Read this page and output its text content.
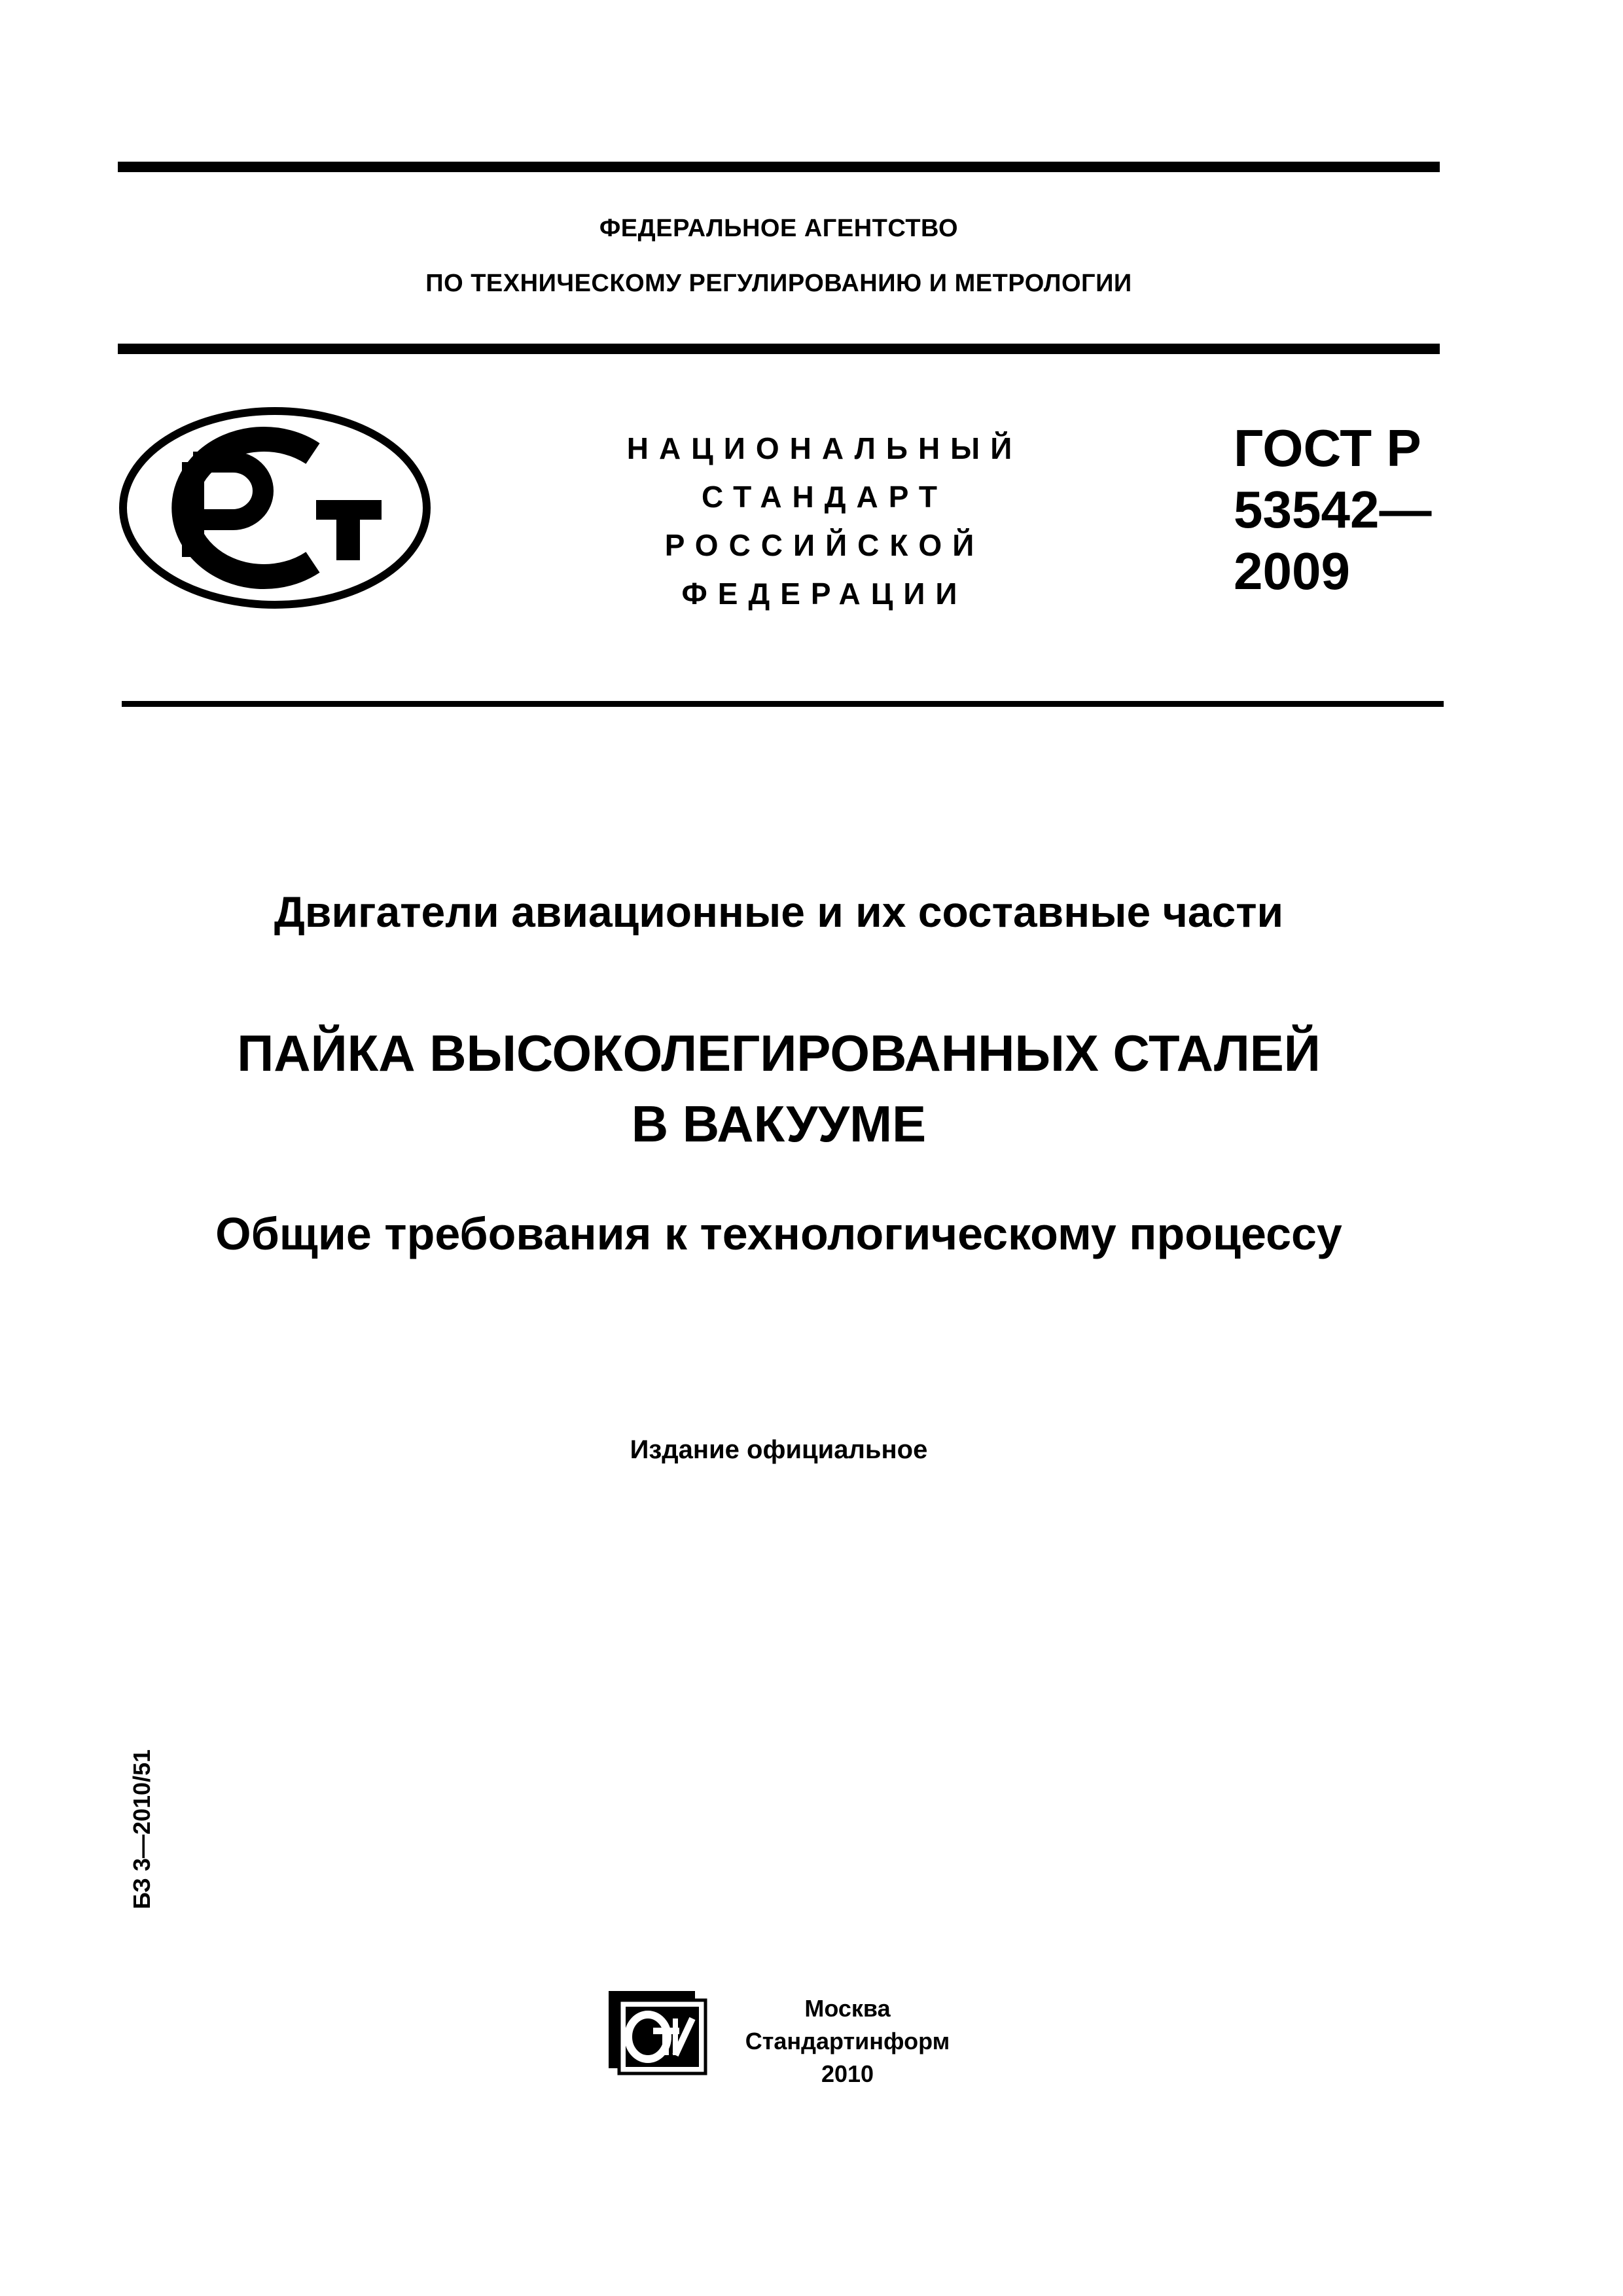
ФЕДЕРАЛЬНОЕ АГЕНТСТВО
ПО ТЕХНИЧЕСКОМУ РЕГУЛИРОВАНИЮ И МЕТРОЛОГИИ
НАЦИОНАЛЬНЫЙ
СТАНДАРТ
РОССИЙСКОЙ
ФЕДЕРАЦИИ
ГОСТ Р
53542—
2009
Двигатели авиационные и их составные части
ПАЙКА ВЫСОКОЛЕГИРОВАННЫХ СТАЛЕЙ
В ВАКУУМЕ
Общие требования к технологическому процессу
Издание официальное
БЗ 3—2010/51
Москва
Стандартинформ
2010
